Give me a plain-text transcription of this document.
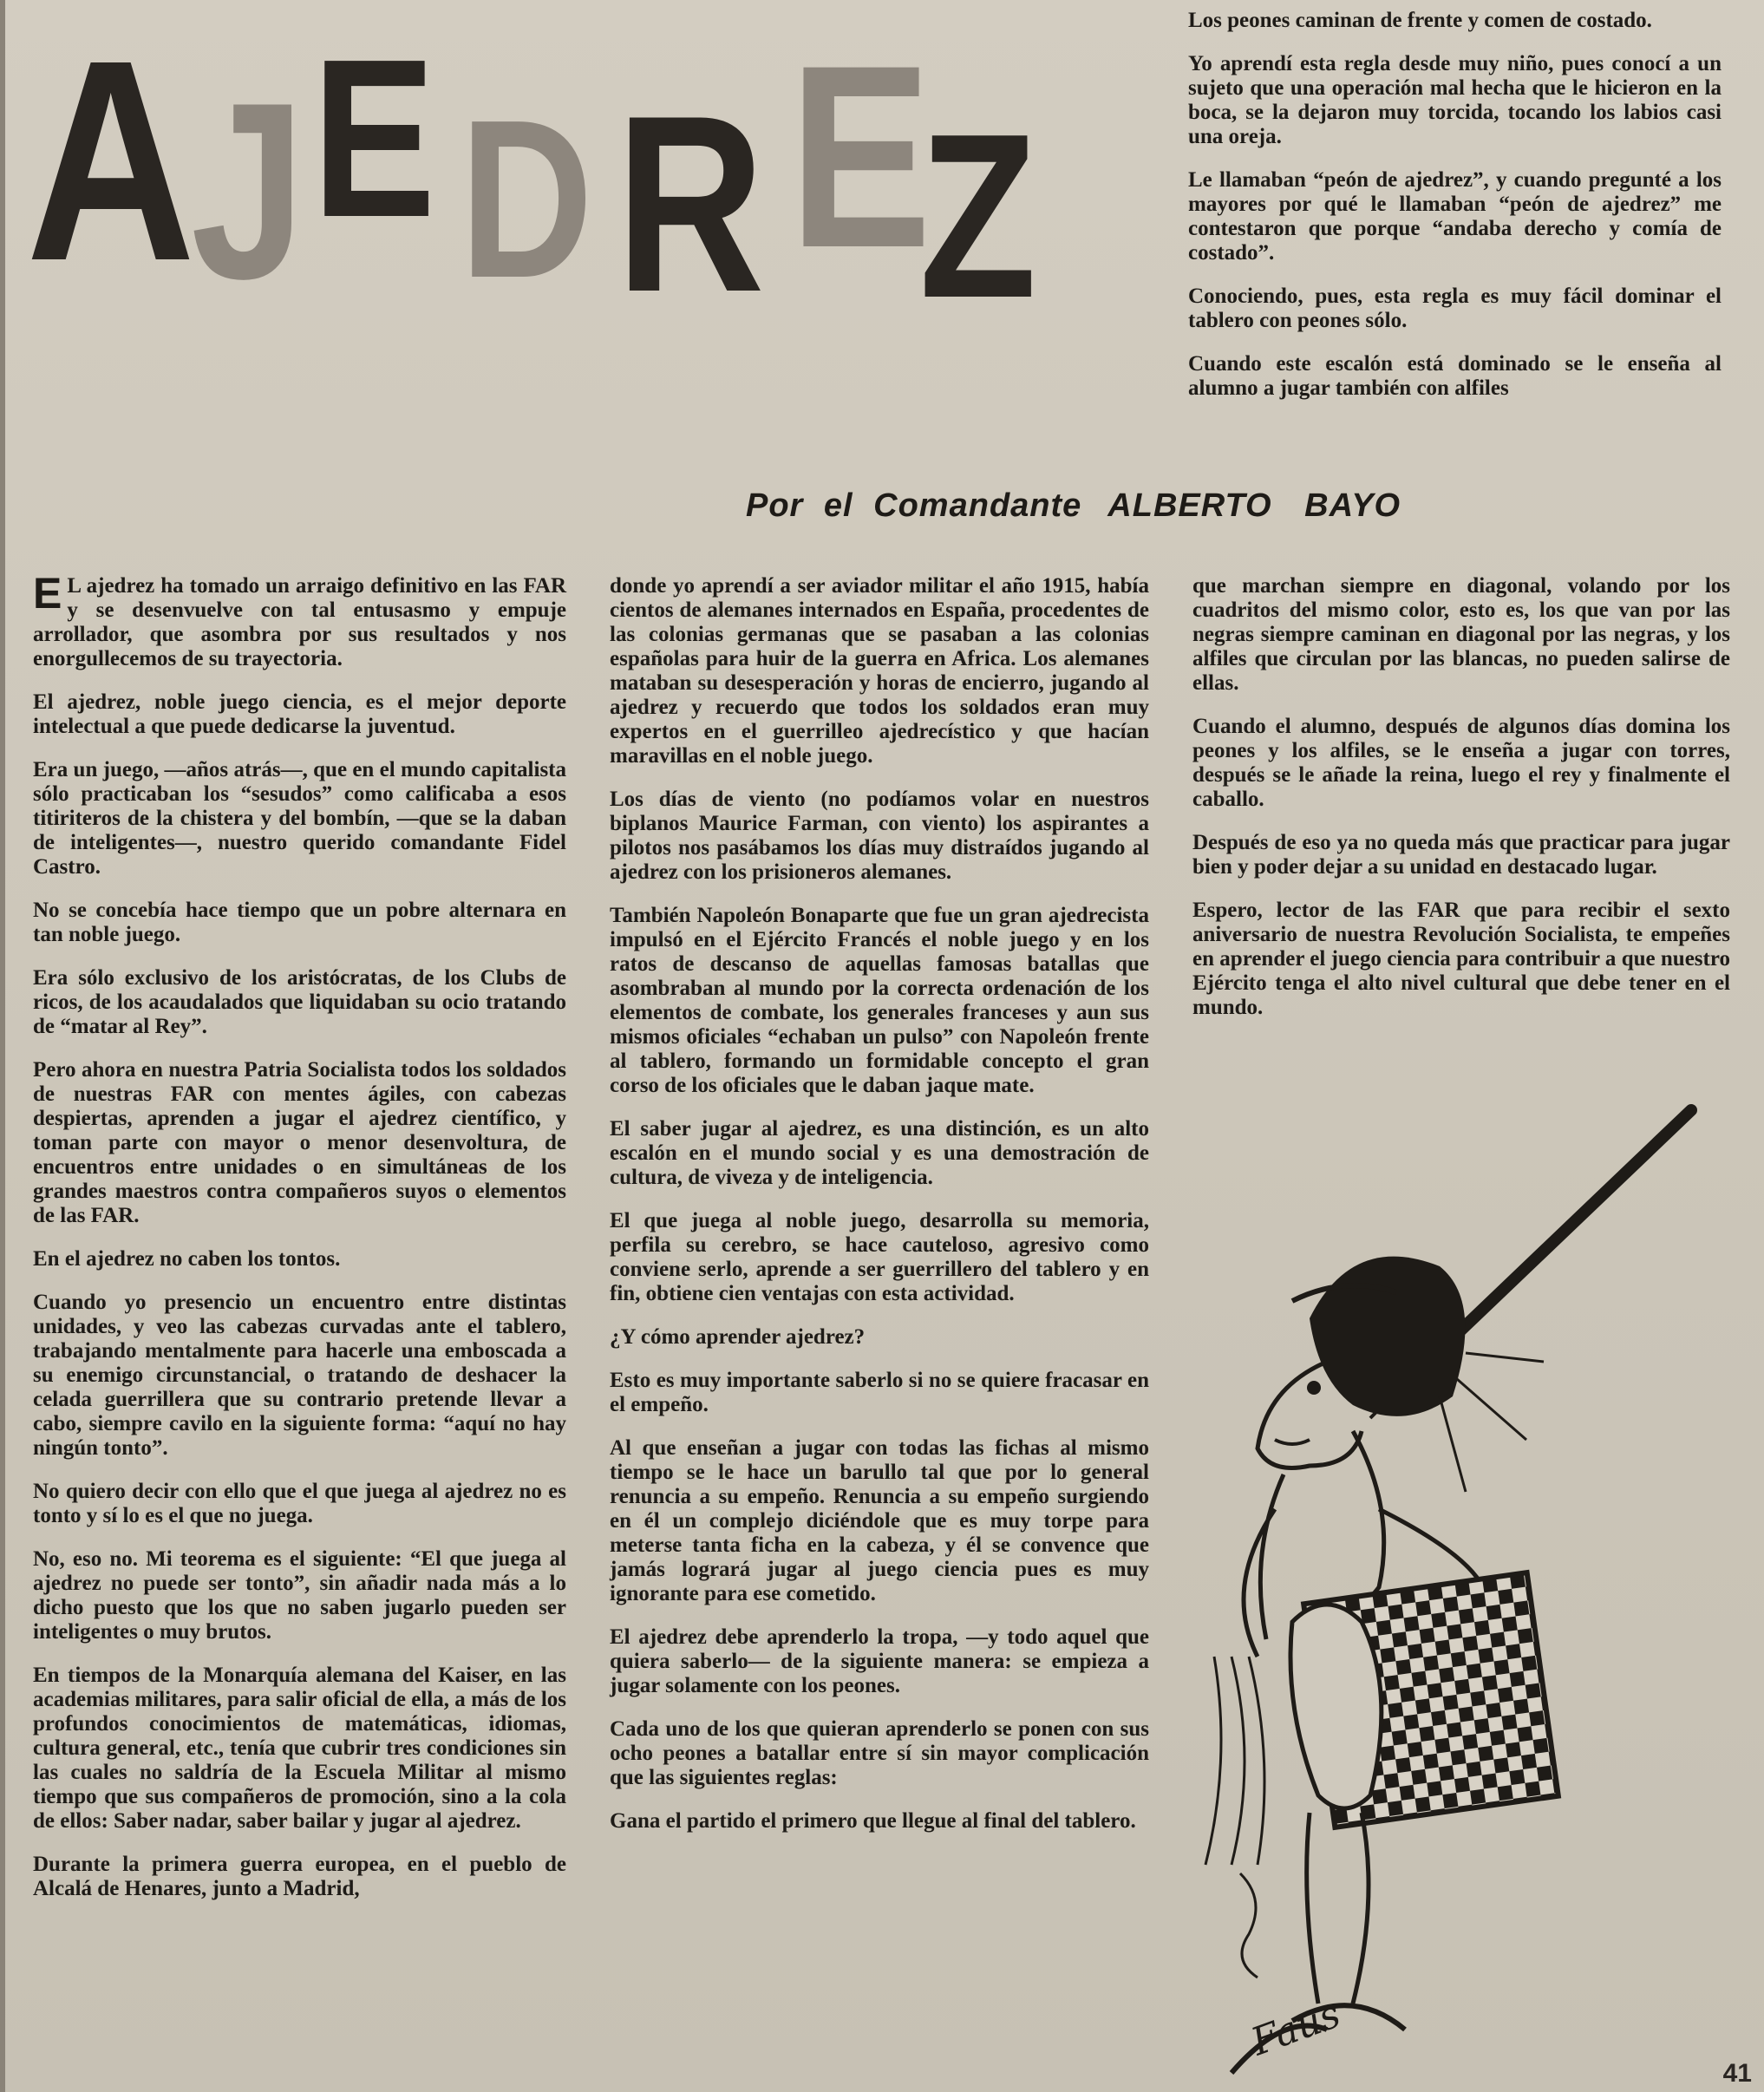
A
J E D R E
Z

Los peones caminan de frente y comen de costado.

Yo aprendí esta regla desde muy niño, pues conocí a un sujeto que una operación mal hecha que le hicieron en la boca, se la dejaron muy torcida, tocando los labios casi una oreja.

Le llamaban “peón de ajedrez”, y cuando pregunté a los mayores por qué le llamaban “peón de ajedrez” me contestaron que porque “andaba derecho y comía de costado”.

Conociendo, pues, esta regla es muy fácil dominar el tablero con peones sólo.

Cuando este escalón está dominado se le enseña al alumno a jugar también con alfiles

Por el Comandante ALBERTO BAYO

E L ajedrez ha tomado un arraigo definitivo en las FAR y se desenvuelve con tal entusasmo y empuje arrollador, que asombra por sus resultados y nos enorgullecemos de su trayectoria.

El ajedrez, noble juego ciencia, es el mejor deporte intelectual a que puede dedicarse la juventud.

Era un juego, —años atrás—, que en el mundo capitalista sólo practicaban los “sesudos” como calificaba a esos titiriteros de la chistera y del bombín, —que se la daban de inteligentes—, nuestro querido comandante Fidel Castro.

No se concebía hace tiempo que un pobre alternara en tan noble juego.

Era sólo exclusivo de los aristócratas, de los Clubs de ricos, de los acaudalados que liquidaban su ocio tratando de “matar al Rey”.

Pero ahora en nuestra Patria Socialista todos los soldados de nuestras FAR con mentes ágiles, con cabezas despiertas, aprenden a jugar el ajedrez científico, y toman parte con mayor o menor desenvoltura, de encuentros entre unidades o en simultáneas de los grandes maestros contra compañeros suyos o elementos de las FAR.

En el ajedrez no caben los tontos.

Cuando yo presencio un encuentro entre distintas unidades, y veo las cabezas curvadas ante el tablero, trabajando mentalmente para hacerle una emboscada a su enemigo circunstancial, o tratando de deshacer la celada guerrillera que su contrario pretende llevar a cabo, siempre cavilo en la siguiente forma: “aquí no hay ningún tonto”.

No quiero decir con ello que el que juega al ajedrez no es tonto y sí lo es el que no juega.

No, eso no. Mi teorema es el siguiente: “El que juega al ajedrez no puede ser tonto”, sin añadir nada más a lo dicho puesto que los que no saben jugarlo pueden ser inteligentes o muy brutos.

En tiempos de la Monarquía alemana del Kaiser, en las academias militares, para salir oficial de ella, a más de los profundos conocimientos de matemáticas, idiomas, cultura general, etc., tenía que cubrir tres condiciones sin las cuales no saldría de la Escuela Militar al mismo tiempo que sus compañeros de promoción, sino a la cola de ellos: Saber nadar, saber bailar y jugar al ajedrez.

Durante la primera guerra europea, en el pueblo de Alcalá de Henares, junto a Madrid,

donde yo aprendí a ser aviador militar el año 1915, había cientos de alemanes internados en España, procedentes de las colonias germanas que se pasaban a las colonias españolas para huir de la guerra en Africa. Los alemanes mataban su desesperación y horas de encierro, jugando al ajedrez y recuerdo que todos los soldados eran muy expertos en el guerrilleo ajedrecístico y que hacían maravillas en el noble juego.

Los días de viento (no podíamos volar en nuestros biplanos Maurice Farman, con viento) los aspirantes a pilotos nos pasábamos los días muy distraídos jugando al ajedrez con los prisioneros alemanes.

También Napoleón Bonaparte que fue un gran ajedrecista impulsó en el Ejército Francés el noble juego y en los ratos de descanso de aquellas famosas batallas que asombraban al mundo por la correcta ordenación de los elementos de combate, los generales franceses y aun sus mismos oficiales “echaban un pulso” con Napoleón frente al tablero, formando un formidable concepto el gran corso de los oficiales que le daban jaque mate.

El saber jugar al ajedrez, es una distinción, es un alto escalón en el mundo social y es una demostración de cultura, de viveza y de inteligencia.

El que juega al noble juego, desarrolla su memoria, perfila su cerebro, se hace cauteloso, agresivo como conviene serlo, aprende a ser guerrillero del tablero y en fin, obtiene cien ventajas con esta actividad.

¿Y cómo aprender ajedrez?

Esto es muy importante saberlo si no se quiere fracasar en el empeño.

Al que enseñan a jugar con todas las fichas al mismo tiempo se le hace un barullo tal que por lo general renuncia a su empeño. Renuncia a su empeño surgiendo en él un complejo diciéndole que es muy torpe para meterse tanta ficha en la cabeza, y él se convence que jamás logrará jugar al juego ciencia pues es muy ignorante para ese cometido.

El ajedrez debe aprenderlo la tropa, —y todo aquel que quiera saberlo— de la siguiente manera: se empieza a jugar solamente con los peones.

Cada uno de los que quieran aprenderlo se ponen con sus ocho peones a batallar entre sí sin mayor complicación que las siguientes reglas:

Gana el partido el primero que llegue al final del tablero.

que marchan siempre en diagonal, volando por los cuadritos del mismo color, esto es, los que van por las negras siempre caminan en diagonal por las negras, y los alfiles que circulan por las blancas, no pueden salirse de ellas.

Cuando el alumno, después de algunos días domina los peones y los alfiles, se le enseña a jugar con torres, después se le añade la reina, luego el rey y finalmente el caballo.

Después de eso ya no queda más que practicar para jugar bien y poder dejar a su unidad en destacado lugar.

Espero, lector de las FAR que para recibir el sexto aniversario de nuestra Revolución Socialista, te empeñes en aprender el juego ciencia para contribuir a que nuestro Ejército tenga el alto nivel cultural que debe tener en el mundo.

Faus
41
